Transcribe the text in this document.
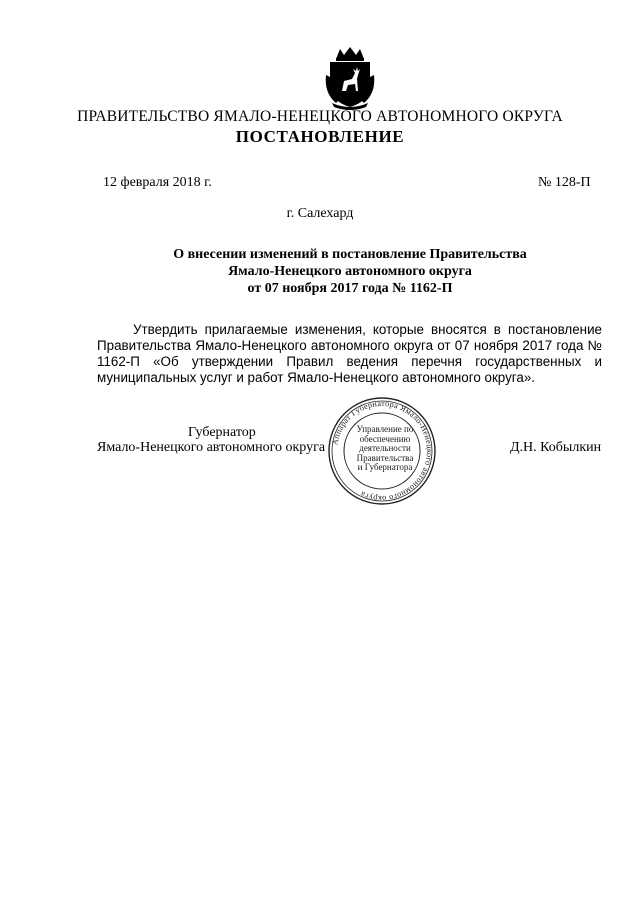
ПРАВИТЕЛЬСТВО ЯМАЛО-НЕНЕЦКОГО АВТОНОМНОГО ОКРУГА
ПОСТАНОВЛЕНИЕ
12 февраля 2018 г.	№ 128-П
г. Салехард
О внесении изменений в постановление Правительства
Ямало-Ненецкого автономного округа
от 07 ноября 2017 года № 1162-П
Утвердить прилагаемые изменения, которые вносятся в постановление Правительства Ямало-Ненецкого автономного округа от 07 ноября 2017 года № 1162-П «Об утверждении Правил ведения перечня государственных и муниципальных услуг и работ Ямало-Ненецкого автономного округа».
Губернатор
Ямало-Ненецкого автономного округа	Д.Н. Кобылкин
Аппарат Губернатора Ямало-Ненецкого автономного округа
Управление по
обеспечению
деятельности
Правительства
и Губернатора
